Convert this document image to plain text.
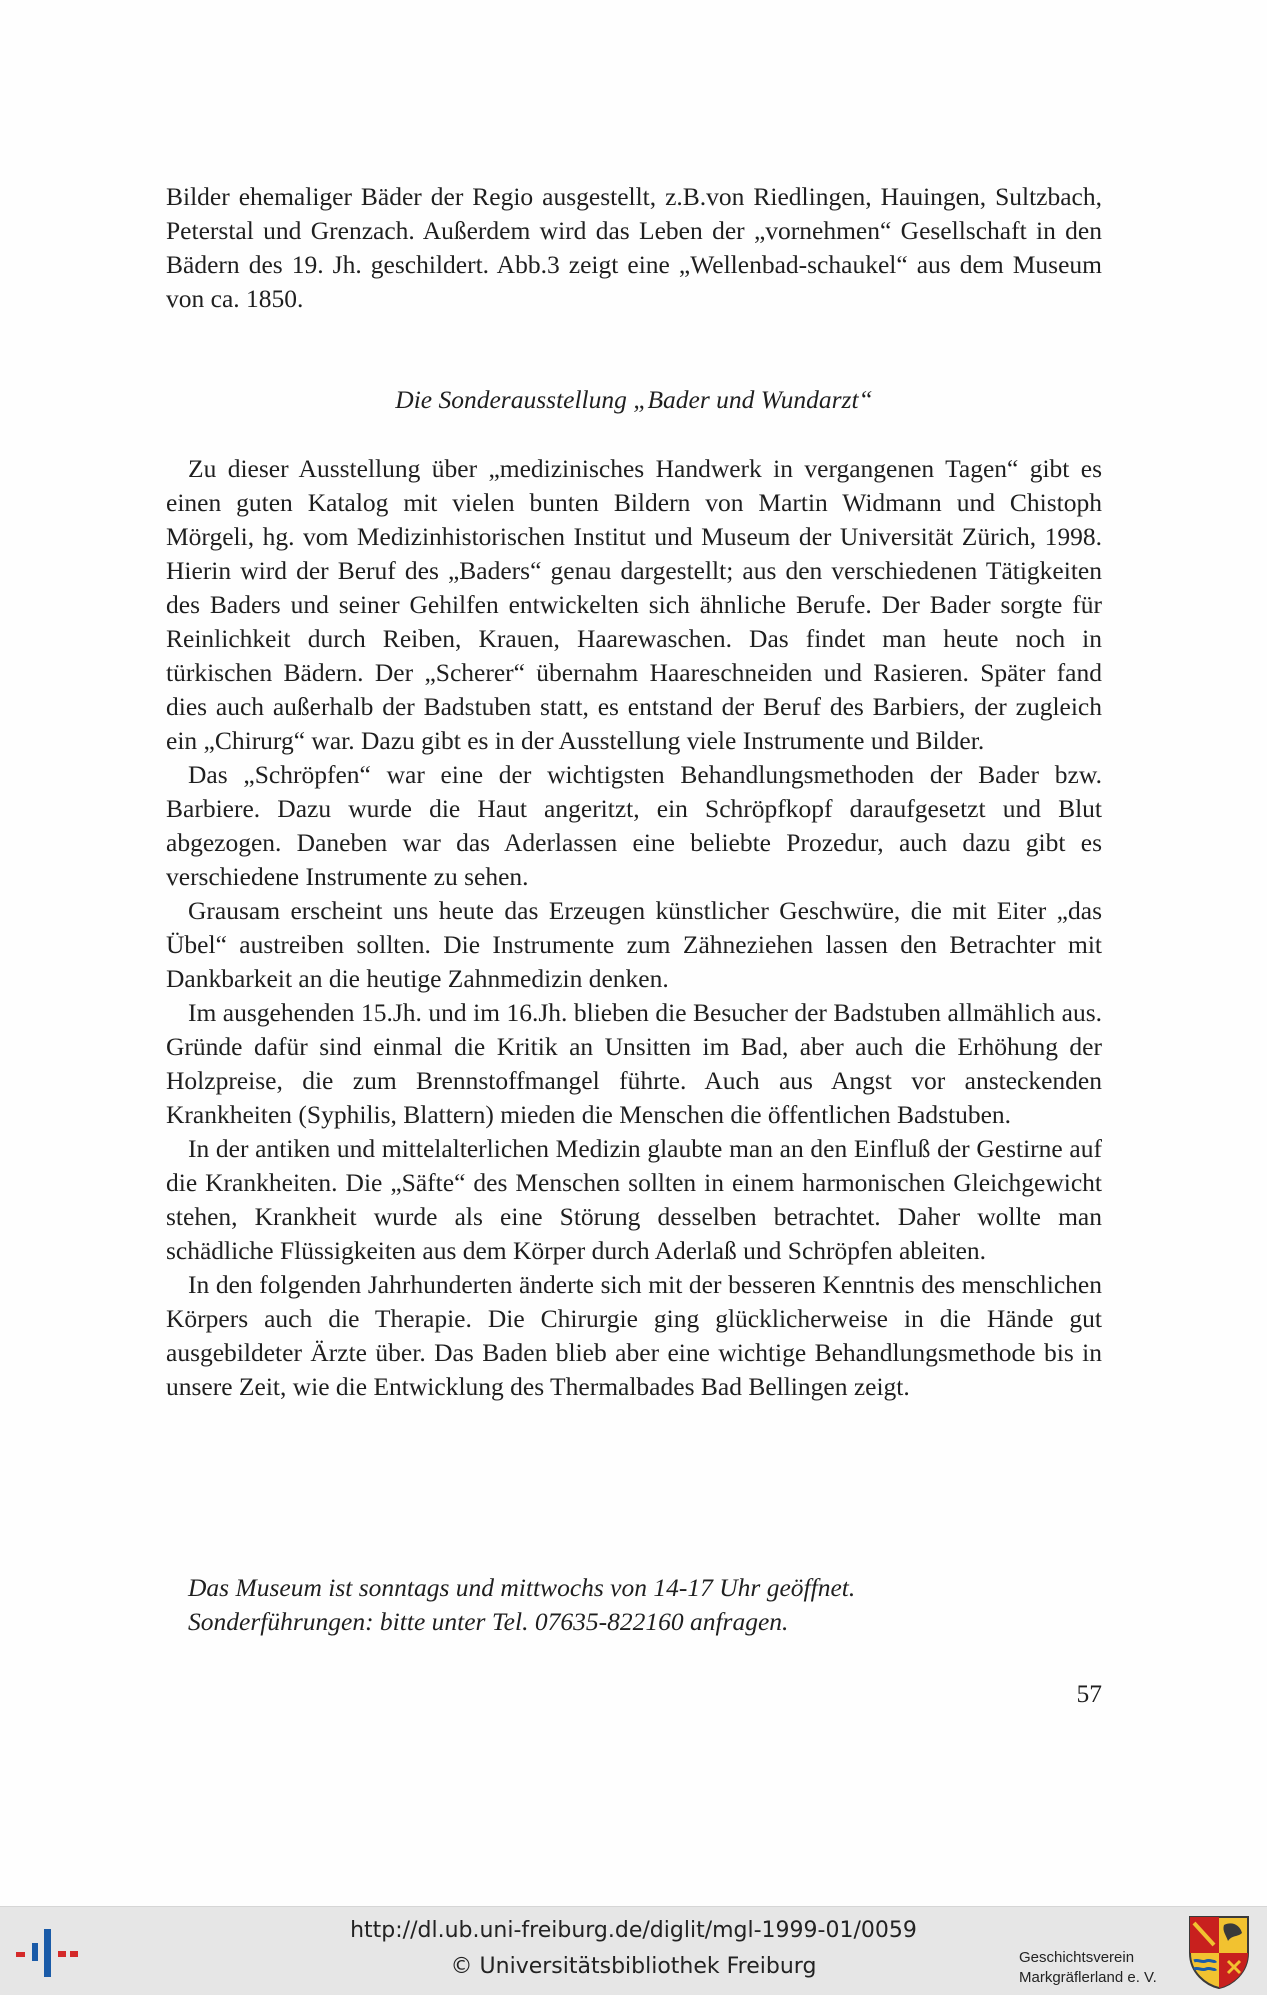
Bilder ehemaliger Bäder der Regio ausgestellt, z.B.von Riedlingen, Hauingen, Sultzbach, Peterstal und Grenzach. Außerdem wird das Leben der „vornehmen“ Gesellschaft in den Bädern des 19. Jh. geschildert. Abb.3 zeigt eine „Wellenbad-schaukel“ aus dem Museum von ca. 1850.

Die Sonderausstellung „Bader und Wundarzt“

Zu dieser Ausstellung über „medizinisches Handwerk in vergangenen Tagen“ gibt es einen guten Katalog mit vielen bunten Bildern von Martin Widmann und Chistoph Mörgeli, hg. vom Medizinhistorischen Institut und Museum der Universität Zürich, 1998. Hierin wird der Beruf des „Baders“ genau dargestellt; aus den verschiedenen Tätigkeiten des Baders und seiner Gehilfen entwickelten sich ähnliche Berufe. Der Bader sorgte für Reinlichkeit durch Reiben, Krauen, Haarewaschen. Das findet man heute noch in türkischen Bädern. Der „Scherer“ übernahm Haareschneiden und Rasieren. Später fand dies auch außerhalb der Badstuben statt, es entstand der Beruf des Barbiers, der zugleich ein „Chirurg“ war. Dazu gibt es in der Ausstellung viele Instrumente und Bilder.

Das „Schröpfen“ war eine der wichtigsten Behandlungsmethoden der Bader bzw. Barbiere. Dazu wurde die Haut angeritzt, ein Schröpfkopf daraufgesetzt und Blut abgezogen. Daneben war das Aderlassen eine beliebte Prozedur, auch dazu gibt es verschiedene Instrumente zu sehen.

Grausam erscheint uns heute das Erzeugen künstlicher Geschwüre, die mit Eiter „das Übel“ austreiben sollten. Die Instrumente zum Zähneziehen lassen den Betrachter mit Dankbarkeit an die heutige Zahnmedizin denken.

Im ausgehenden 15.Jh. und im 16.Jh. blieben die Besucher der Badstuben allmählich aus. Gründe dafür sind einmal die Kritik an Unsitten im Bad, aber auch die Erhöhung der Holzpreise, die zum Brennstoffmangel führte. Auch aus Angst vor ansteckenden Krankheiten (Syphilis, Blattern) mieden die Menschen die öffentlichen Badstuben.

In der antiken und mittelalterlichen Medizin glaubte man an den Einfluß der Gestirne auf die Krankheiten. Die „Säfte“ des Menschen sollten in einem harmonischen Gleichgewicht stehen, Krankheit wurde als eine Störung desselben betrachtet. Daher wollte man schädliche Flüssigkeiten aus dem Körper durch Aderlaß und Schröpfen ableiten.

In den folgenden Jahrhunderten änderte sich mit der besseren Kenntnis des menschlichen Körpers auch die Therapie. Die Chirurgie ging glücklicherweise in die Hände gut ausgebildeter Ärzte über. Das Baden blieb aber eine wichtige Behandlungsmethode bis in unsere Zeit, wie die Entwicklung des Thermalbades Bad Bellingen zeigt.

Das Museum ist sonntags und mittwochs von 14-17 Uhr geöffnet.
Sonderführungen: bitte unter Tel. 07635-822160 anfragen.
57
http://dl.ub.uni-freiburg.de/diglit/mgl-1999-01/0059
© Universitätsbibliothek Freiburg	Geschichtsverein
Markgräflerland e. V.
